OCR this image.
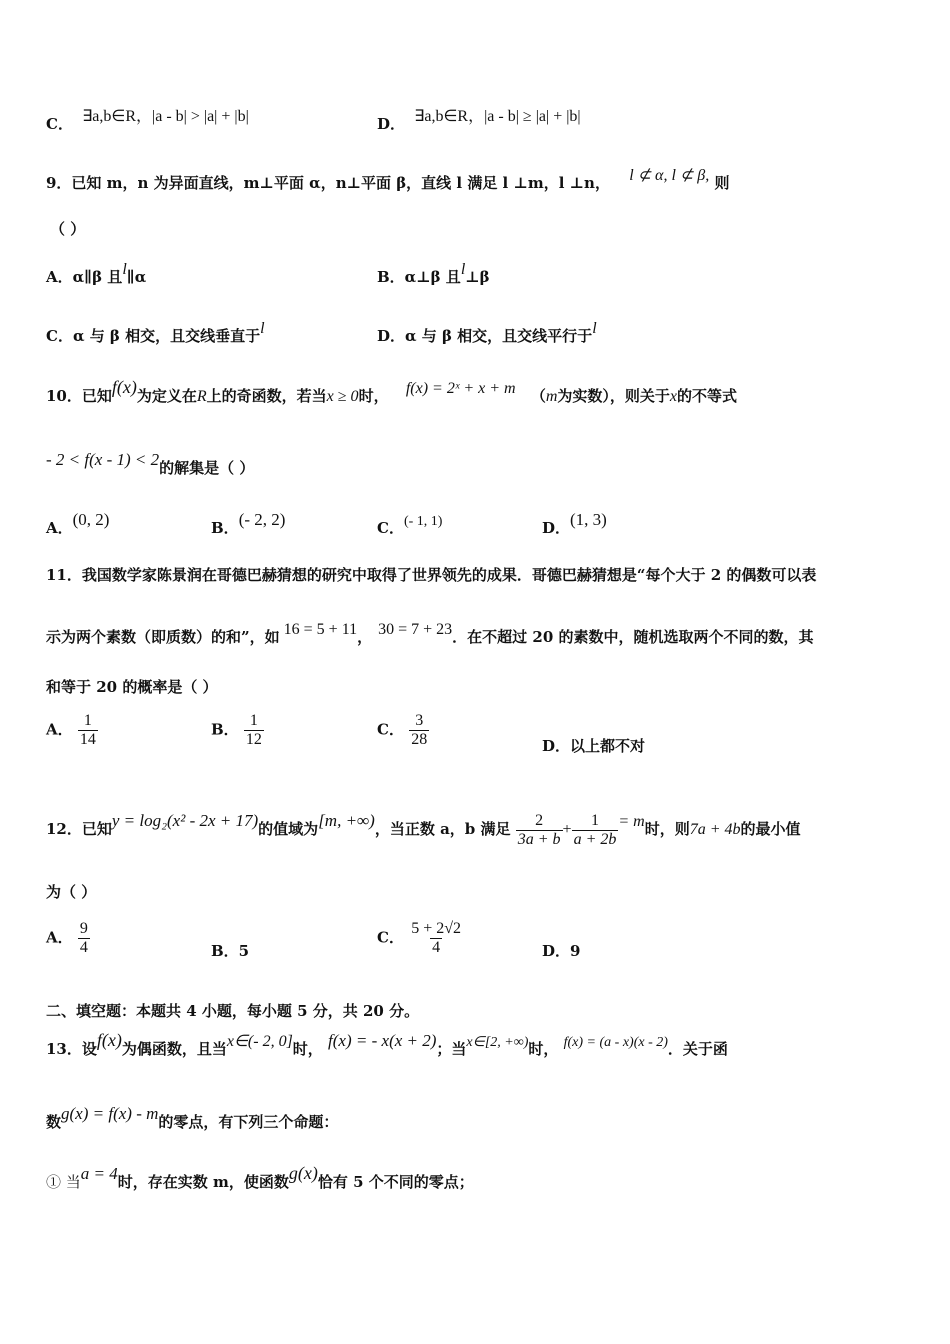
C． ∃a,b∈R，|a - b| > |a| + |b|	D． ∃a,b∈R，|a - b| ≥ |a| + |b|
9．已知 m，n 为异面直线，m⊥平面 α，n⊥平面 β，直线 l 满足 l ⊥m，l ⊥n， l ⊄ α, l ⊄ β, 则
（ ）
A．α∥β 且l∥α	B．α⊥β 且l⊥β
C．α 与 β 相交，且交线垂直于l	D．α 与 β 相交，且交线平行于l
10．已知f(x)为定义在R上的奇函数，若当x ≥ 0时， f(x) = 2ˣ + x + m （m为实数），则关于x的不等式
- 2 < f(x - 1) < 2的解集是（ ）
A．(0, 2)	B．(- 2, 2)	C．(- 1, 1)	D．(1, 3)
11．我国数学家陈景润在哥德巴赫猜想的研究中取得了世界领先的成果．哥德巴赫猜想是“每个大于 2 的偶数可以表
示为两个素数（即质数）的和”，如 16 = 5 + 11， 30 = 7 + 23．在不超过 20 的素数中，随机选取两个不同的数，其
和等于 20 的概率是（ ）
A． $\frac{1}{14}$	B． $\frac{1}{12}$	C． $\frac{3}{28}$	D．以上都不对
12．已知y = log₂(x² - 2x + 17)的值域为[m, +∞)，当正数 a，b 满足 $\frac{2}{3a + b} + \frac{1}{a + 2b} = m$时，则7a + 4b的最小值
为（ ）
A． $\frac{9}{4}$	B．5
C． $\frac{5 + 2√2}{4}$	D．9
二、填空题：本题共 4 小题，每小题 5 分，共 20 分。
13．设f(x)为偶函数，且当x∈(- 2, 0]时， f(x) = - x(x + 2)；当x∈[2, +∞)时， f(x) = (a - x)(x - 2)．关于函
数g(x) = f(x) - m的零点，有下列三个命题：
① 当a = 4时，存在实数 m，使函数g(x)恰有 5 个不同的零点；
